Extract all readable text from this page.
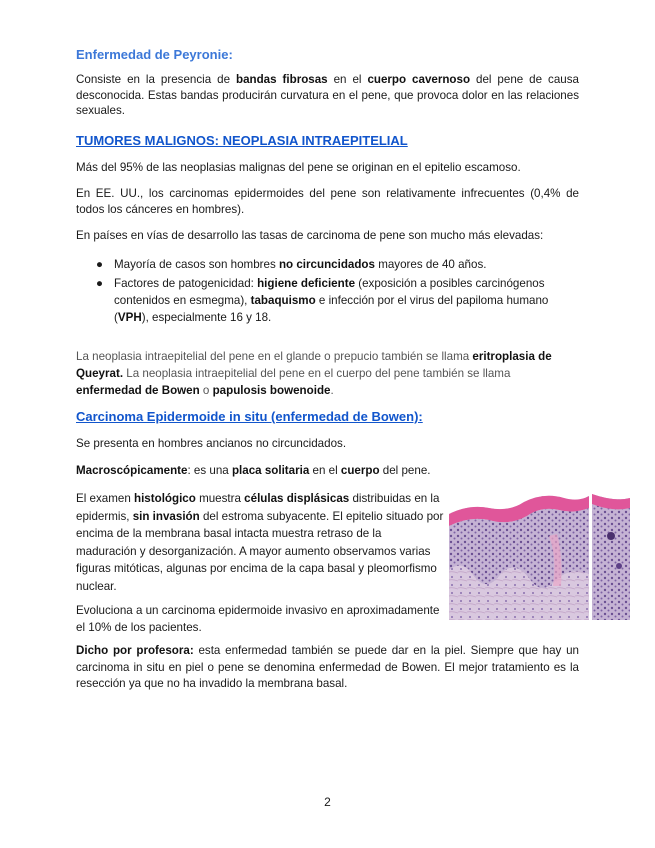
Enfermedad de Peyronie:
Consiste en la presencia de bandas fibrosas en el cuerpo cavernoso del pene de causa desconocida. Estas bandas producirán curvatura en el pene, que provoca dolor en las relaciones sexuales.
TUMORES MALIGNOS: NEOPLASIA INTRAEPITELIAL
Más del 95% de las neoplasias malignas del pene se originan en el epitelio escamoso.
En EE. UU., los carcinomas epidermoides del pene son relativamente infrecuentes (0,4% de todos los cánceres en hombres).
En países en vías de desarrollo las tasas de carcinoma de pene son mucho más elevadas:
● Mayoría de casos son hombres no circuncidados mayores de 40 años.
● Factores de patogenicidad: higiene deficiente (exposición a posibles carcinógenos contenidos en esmegma), tabaquismo e infección por el virus del papiloma humano (VPH), especialmente 16 y 18.
La neoplasia intraepitelial del pene en el glande o prepucio también se llama eritroplasia de Queyrat. La neoplasia intraepitelial del pene en el cuerpo del pene también se llama enfermedad de Bowen o papulosis bowenoide.
Carcinoma Epidermoide in situ (enfermedad de Bowen):
Se presenta en hombres ancianos no circuncidados.
Macroscópicamente: es una placa solitaria en el cuerpo del pene.
El examen histológico muestra células displásicas distribuidas en la epidermis, sin invasión del estroma subyacente. El epitelio situado por encima de la membrana basal intacta muestra retraso de la maduración y desorganización. A mayor aumento observamos varias figuras mitóticas, algunas por encima de la capa basal y pleomorfismo nuclear.
Evoluciona a un carcinoma epidermoide invasivo en aproximadamente el 10% de los pacientes.
Dicho por profesora: esta enfermedad también se puede dar en la piel. Siempre que hay un carcinoma in situ en piel o pene se denomina enfermedad de Bowen. El mejor tratamiento es la resección ya que no ha invadido la membrana basal.
2
